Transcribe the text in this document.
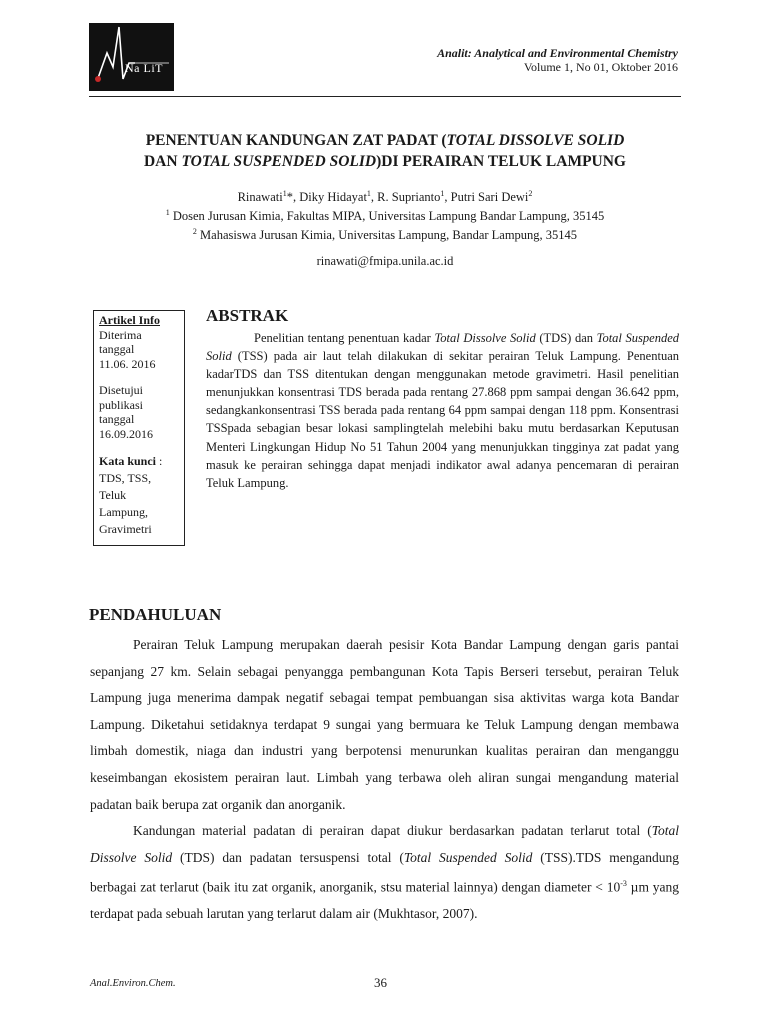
Na LiT
Analit: Analytical and Environmental Chemistry
Volume 1, No 01, Oktober 2016
PENENTUAN KANDUNGAN ZAT PADAT (TOTAL DISSOLVE SOLID
DAN TOTAL SUSPENDED SOLID)DI PERAIRAN TELUK LAMPUNG
Rinawati$^1$*, Diky Hidayat$^1$, R. Suprianto$^1$, Putri Sari Dewi$^2$
$^1$ Dosen Jurusan Kimia, Fakultas MIPA, Universitas Lampung Bandar Lampung, 35145
$^2$ Mahasiswa Jurusan Kimia, Universitas Lampung, Bandar Lampung, 35145
rinawati@fmipa.unila.ac.id
Artikel Info
Diterima
tanggal
11.06. 2016
Disetujui
publikasi
tanggal
16.09.2016
Kata kunci :
TDS, TSS,
Teluk
Lampung,
Gravimetri
ABSTRAK

Penelitian tentang penentuan kadar Total Dissolve Solid (TDS) dan Total Suspended Solid (TSS) pada air laut telah dilakukan di sekitar perairan Teluk Lampung. Penentuan kadarTDS dan TSS ditentukan dengan menggunakan metode gravimetri. Hasil penelitian menunjukkan konsentrasi TDS berada pada rentang 27.868 ppm sampai dengan 36.642 ppm, sedangkankonsentrasi TSS berada pada rentang 64 ppm sampai dengan 118 ppm. Konsentrasi TSSpada sebagian besar lokasi samplingtelah melebihi baku mutu berdasarkan Keputusan Menteri Lingkungan Hidup No 51 Tahun 2004 yang menunjukkan tingginya zat padat yang masuk ke perairan sehingga dapat menjadi indikator awal adanya pencemaran di perairan Teluk Lampung.

PENDAHULUAN

Perairan Teluk Lampung merupakan daerah pesisir Kota Bandar Lampung dengan garis pantai sepanjang 27 km. Selain sebagai penyangga pembangunan Kota Tapis Berseri tersebut, perairan Teluk Lampung juga menerima dampak negatif sebagai tempat pembuangan sisa aktivitas warga kota Bandar Lampung. Diketahui setidaknya terdapat 9 sungai yang bermuara ke Teluk Lampung dengan membawa limbah domestik, niaga dan industri yang berpotensi menurunkan kualitas perairan dan menganggu keseimbangan ekosistem perairan laut. Limbah yang terbawa oleh aliran sungai mengandung material padatan baik berupa zat organik dan anorganik.

Kandungan material padatan di perairan dapat diukur berdasarkan padatan terlarut total (Total Dissolve Solid (TDS) dan padatan tersuspensi total (Total Suspended Solid (TSS).TDS mengandung berbagai zat terlarut (baik itu zat organik, anorganik, stsu material lainnya) dengan diameter < $10^{-3}$ µm yang terdapat pada sebuah larutan yang terlarut dalam air (Mukhtasor, 2007).

Anal.Environ.Chem.	36
